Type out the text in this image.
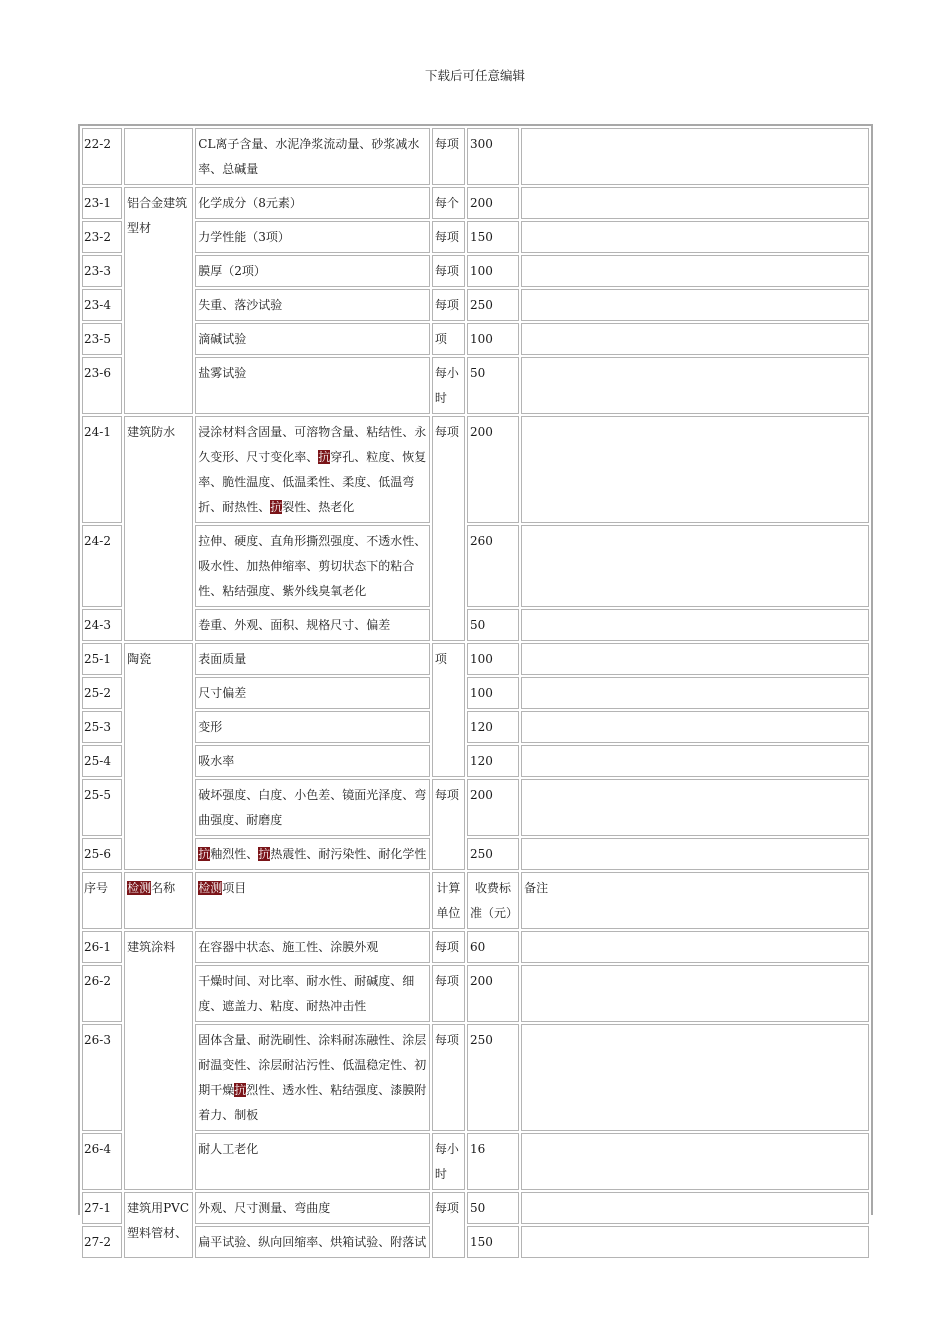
下载后可任意编辑
22-2		CL离子含量、水泥净浆流动量、砂浆减水率、总碱量	每项	300	
23-1	铝合金建筑型材	化学成分（8元素）	每个	200	
23-2		力学性能（3项）	每项	150	
23-3		膜厚（2项）	每项	100	
23-4		失重、落沙试验	每项	250	
23-5		滴碱试验	项	100	
23-6		盐雾试验	每小时	50	
24-1	建筑防水	浸涂材料含固量、可溶物含量、粘结性、永久变形、尺寸变化率、抗穿孔、粒度、恢复率、脆性温度、低温柔性、柔度、低温弯折、耐热性、抗裂性、热老化	每项	200	
24-2		拉伸、硬度、直角形撕烈强度、不透水性、吸水性、加热伸缩率、剪切状态下的粘合性、粘结强度、紫外线臭氧老化		260	
24-3		卷重、外观、面积、规格尺寸、偏差		50	
25-1	陶瓷	表面质量	项	100	
25-2		尺寸偏差		100	
25-3		变形		120	
25-4		吸水率		120	
25-5		破坏强度、白度、小色差、镜面光泽度、弯曲强度、耐磨度	每项	200	
25-6		抗釉烈性、抗热震性、耐污染性、耐化学性		250	
序号	检测名称	检测项目	计算单位	收费标准（元）	备注
26-1	建筑涂料	在容器中状态、施工性、涂膜外观	每项	60	
26-2		干燥时间、对比率、耐水性、耐碱度、细度、遮盖力、粘度、耐热冲击性	每项	200	
26-3		固体含量、耐洗刷性、涂料耐冻融性、涂层耐温变性、涂层耐沾污性、低温稳定性、初期干燥抗烈性、透水性、粘结强度、漆膜附着力、制板	每项	250	
26-4		耐人工老化	每小时	16	
27-1	建筑用PVC塑料管材、	外观、尺寸测量、弯曲度	每项	50	
27-2		扁平试验、纵向回缩率、烘箱试验、附落试		150	
